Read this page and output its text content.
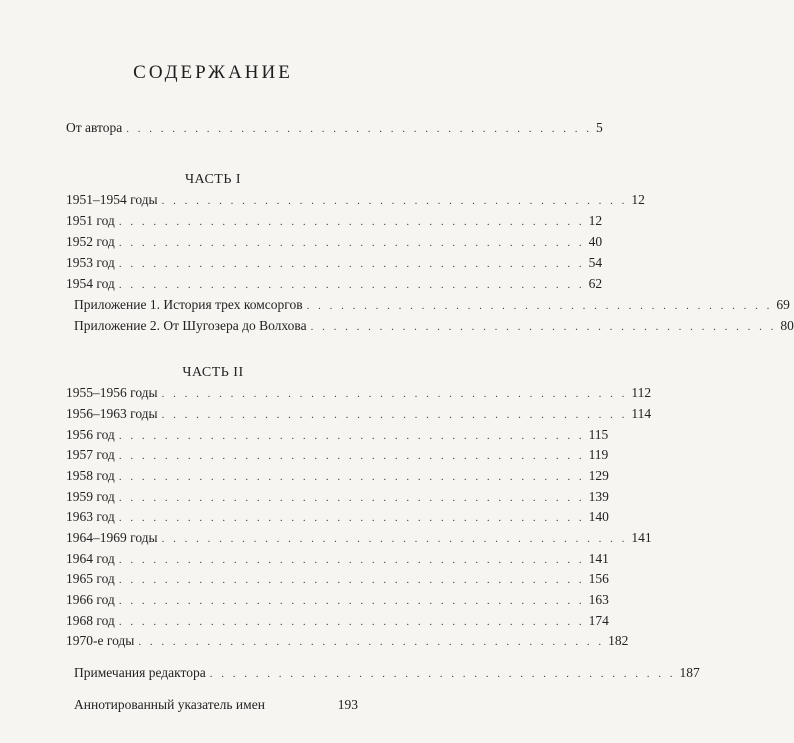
СОДЕРЖАНИЕ
От автора . . . . . . . . . . . . . . . . . . . . . . . . . . . . . . . . . . . . . . . . . 5
ЧАСТЬ I
1951–1954 годы . . . . . . . . . . . . . . . . . . . . . . . . . . . . . . . . . . . . . . . . . 12
1951 год . . . . . . . . . . . . . . . . . . . . . . . . . . . . . . . . . . . . . . . . . 12
1952 год . . . . . . . . . . . . . . . . . . . . . . . . . . . . . . . . . . . . . . . . . 40
1953 год . . . . . . . . . . . . . . . . . . . . . . . . . . . . . . . . . . . . . . . . . 54
1954 год . . . . . . . . . . . . . . . . . . . . . . . . . . . . . . . . . . . . . . . . . 62
Приложение 1. История трех комсоргов . . . . . . . . . . . . . . . . . . . . . . . . . . . . . . . . . . . . . . . . . 69
Приложение 2. От Шугозера до Волхова . . . . . . . . . . . . . . . . . . . . . . . . . . . . . . . . . . . . . . . . . 80
ЧАСТЬ II
1955–1956 годы . . . . . . . . . . . . . . . . . . . . . . . . . . . . . . . . . . . . . . . . . 112
1956–1963 годы . . . . . . . . . . . . . . . . . . . . . . . . . . . . . . . . . . . . . . . . . 114
1956 год . . . . . . . . . . . . . . . . . . . . . . . . . . . . . . . . . . . . . . . . . 115
1957 год . . . . . . . . . . . . . . . . . . . . . . . . . . . . . . . . . . . . . . . . . 119
1958 год . . . . . . . . . . . . . . . . . . . . . . . . . . . . . . . . . . . . . . . . . 129
1959 год . . . . . . . . . . . . . . . . . . . . . . . . . . . . . . . . . . . . . . . . . 139
1963 год . . . . . . . . . . . . . . . . . . . . . . . . . . . . . . . . . . . . . . . . . 140
1964–1969 годы . . . . . . . . . . . . . . . . . . . . . . . . . . . . . . . . . . . . . . . . . 141
1964 год . . . . . . . . . . . . . . . . . . . . . . . . . . . . . . . . . . . . . . . . . 141
1965 год . . . . . . . . . . . . . . . . . . . . . . . . . . . . . . . . . . . . . . . . . 156
1966 год . . . . . . . . . . . . . . . . . . . . . . . . . . . . . . . . . . . . . . . . . 163
1968 год . . . . . . . . . . . . . . . . . . . . . . . . . . . . . . . . . . . . . . . . . 174
1970-е годы . . . . . . . . . . . . . . . . . . . . . . . . . . . . . . . . . . . . . . . . . 182
Примечания редактора . . . . . . . . . . . . . . . . . . . . . . . . . . . . . . . . . . . . . . . . . 187
Аннотированный указатель имен	193
